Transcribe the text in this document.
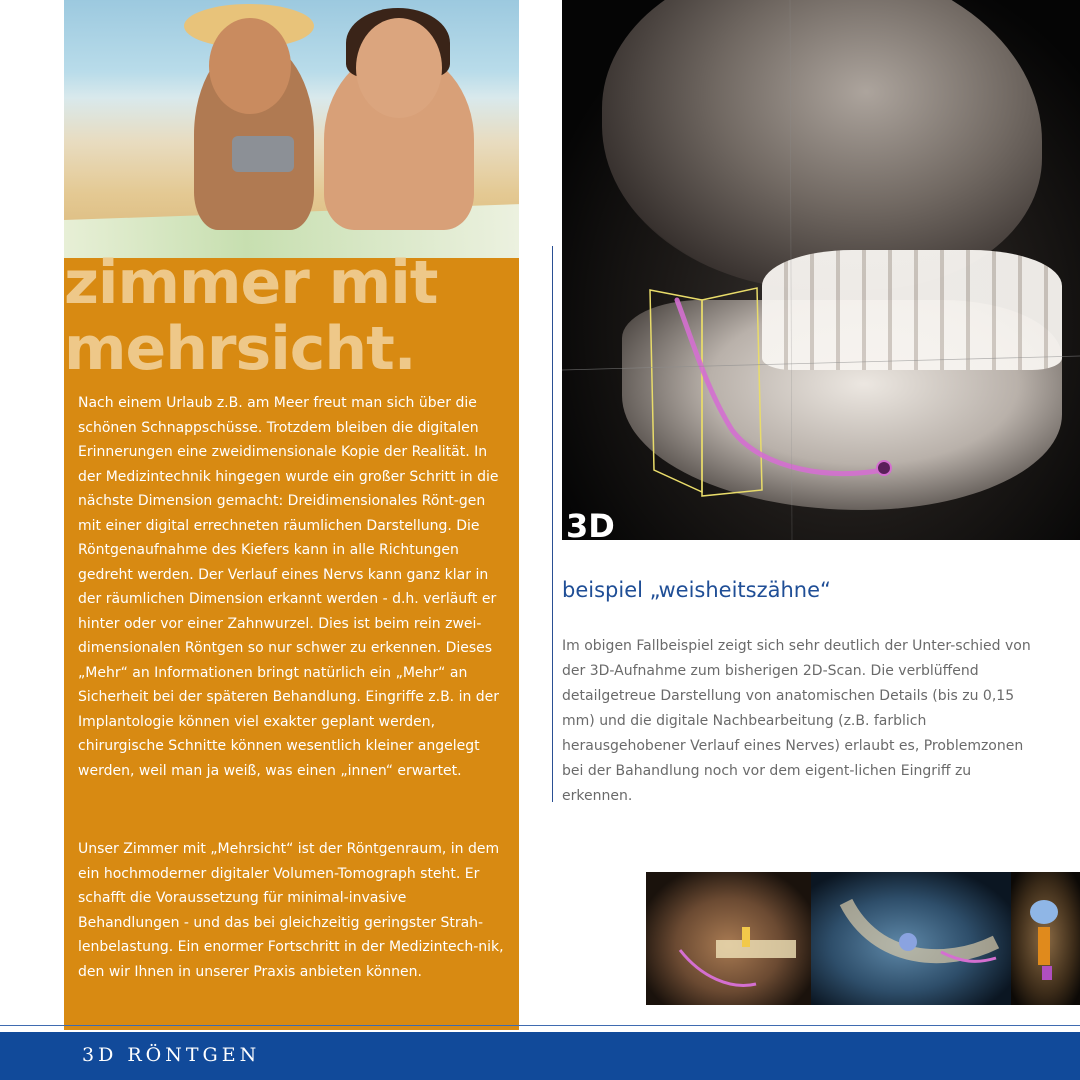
zimmer mit
mehrsicht.

Nach einem Urlaub z.B. am Meer freut man sich über die schönen Schnappschüsse. Trotzdem bleiben die digitalen Erinnerungen eine zweidimensionale Kopie der Realität. In der Medizintechnik hingegen wurde ein großer Schritt in die nächste Dimension gemacht: Dreidimensionales Rönt-gen mit einer digital errechneten räumlichen Darstellung. Die Röntgenaufnahme des Kiefers kann in alle Richtungen gedreht werden. Der Verlauf eines Nervs kann ganz klar in der räumlichen Dimension erkannt werden - d.h. verläuft er hinter oder vor einer Zahnwurzel. Dies ist beim rein zwei-dimensionalen Röntgen so nur schwer zu erkennen. Dieses „Mehr“ an Informationen bringt natürlich ein „Mehr“ an Sicherheit bei der späteren Behandlung. Eingriffe z.B. in der Implantologie können viel exakter geplant werden, chirurgische Schnitte können wesentlich kleiner angelegt werden, weil man ja weiß, was einen „innen“ erwartet.

Unser Zimmer mit „Mehrsicht“ ist der Röntgenraum, in dem ein hochmoderner digitaler Volumen-Tomograph steht. Er schafft die Voraussetzung für minimal-invasive Behandlungen - und das bei gleichzeitig geringster Strah-lenbelastung. Ein enormer Fortschritt in der Medizintech-nik, den wir Ihnen in unserer Praxis anbieten können.

3D

beispiel „weisheitszähne“

Im obigen Fallbeispiel zeigt sich sehr deutlich der Unter-schied von der 3D-Aufnahme zum bisherigen 2D-Scan. Die verblüffend detailgetreue Darstellung von anatomischen Details (bis zu 0,15 mm) und die digitale Nachbearbeitung (z.B. farblich herausgehobener Verlauf eines Nerves) erlaubt es, Problemzonen bei der Bahandlung noch vor dem eigent-lichen Eingriff zu erkennen.

3D RÖNTGEN
